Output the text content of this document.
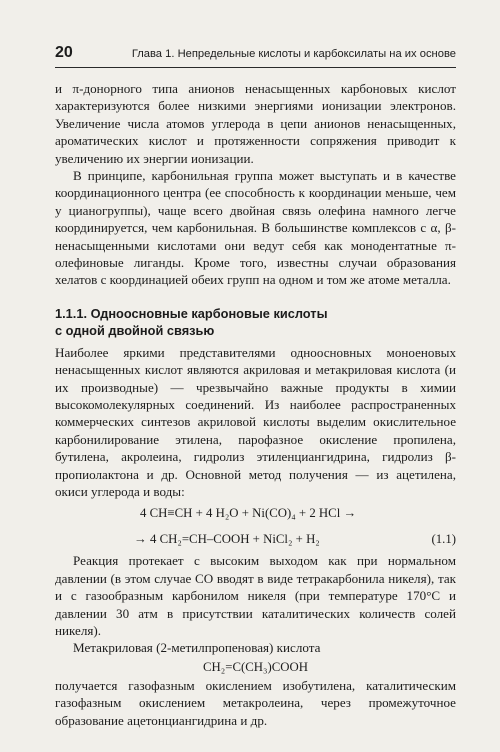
20	Глава 1. Непредельные кислоты и карбоксилаты на их основе

и π-донорного типа анионов ненасыщенных карбоновых кислот характеризуются более низкими энергиями ионизации электронов. Увеличение числа атомов углерода в цепи анионов ненасыщенных, ароматических кислот и протяженности сопряжения приводит к увеличению их энергии ионизации.

В принципе, карбонильная группа может выступать и в качестве координационного центра (ее способность к координации меньше, чем у цианогруппы), чаще всего двойная связь олефина намного легче координируется, чем карбонильная. В большинстве комплексов с α, β-ненасыщенными кислотами они ведут себя как монодентатные π-олефиновые лиганды. Кроме того, известны случаи образования хелатов с координацией обеих групп на одном и том же атоме металла.

1.1.1. Одноосновные карбоновые кислоты
с одной двойной связью

Наиболее яркими представителями одноосновных моноеновых ненасыщенных кислот являются акриловая и метакриловая кислота (и их производные) — чрезвычайно важные продукты в химии высокомолекулярных соединений. Из наиболее распространенных коммерческих синтезов акриловой кислоты выделим окислительное карбонилирование этилена, парофазное окисление пропилена, бутилена, акролеина, гидролиз этиленциангидрина, гидролиз β-пропиолактона и др. Основной метод получения — из ацетилена, окиси углерода и воды:

4 CH≡CH + 4 H₂O + Ni(CO)₄ + 2 HCl →
→ 4 CH₂=CH–COOH + NiCl₂ + H₂	(1.1)

Реакция протекает с высоким выходом как при нормальном давлении (в этом случае CO вводят в виде тетракарбонила никеля), так и с газообразным карбонилом никеля (при температуре 170°C и давлении 30 атм в присутствии каталитических количеств солей никеля).

Метакриловая (2-метилпропеновая) кислота

CH₂=C(CH₃)COOH

получается газофазным окислением изобутилена, каталитическим газофазным окислением метакролеина, через промежуточное образование ацетонциангидрина и др.
